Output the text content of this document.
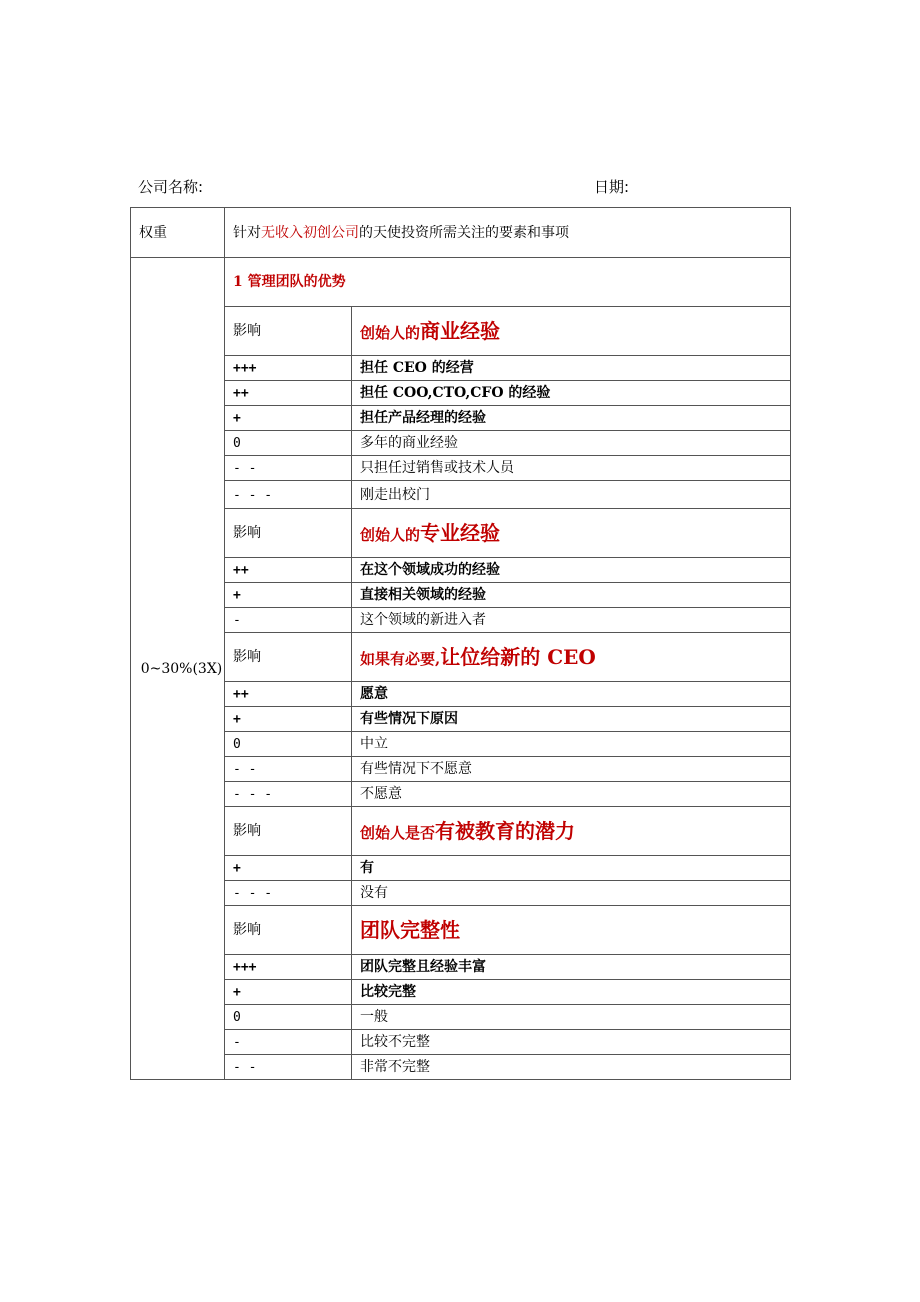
公司名称:	日期:
权重	针对无收入初创公司的天使投资所需关注的要素和事项	
0~30%(3X)	1 管理团队的优势	
	影响	创始人的商业经验
	+++	担任 CEO 的经营
	++	担任 COO,CTO,CFO 的经验
	+	担任产品经理的经验
	0	多年的商业经验
	- -	只担任过销售或技术人员
	- - -	刚走出校门
	影响	创始人的专业经验
	++	在这个领域成功的经验
	+	直接相关领域的经验
	-	这个领域的新进入者
	影响	如果有必要,让位给新的 CEO
	++	愿意
	+	有些情况下原因
	0	中立
	- -	有些情况下不愿意
	- - -	不愿意
	影响	创始人是否有被教育的潜力
	+	有
	- - -	没有
	影响	团队完整性
	+++	团队完整且经验丰富
	+	比较完整
	0	一般
	-	比较不完整
	- -	非常不完整
